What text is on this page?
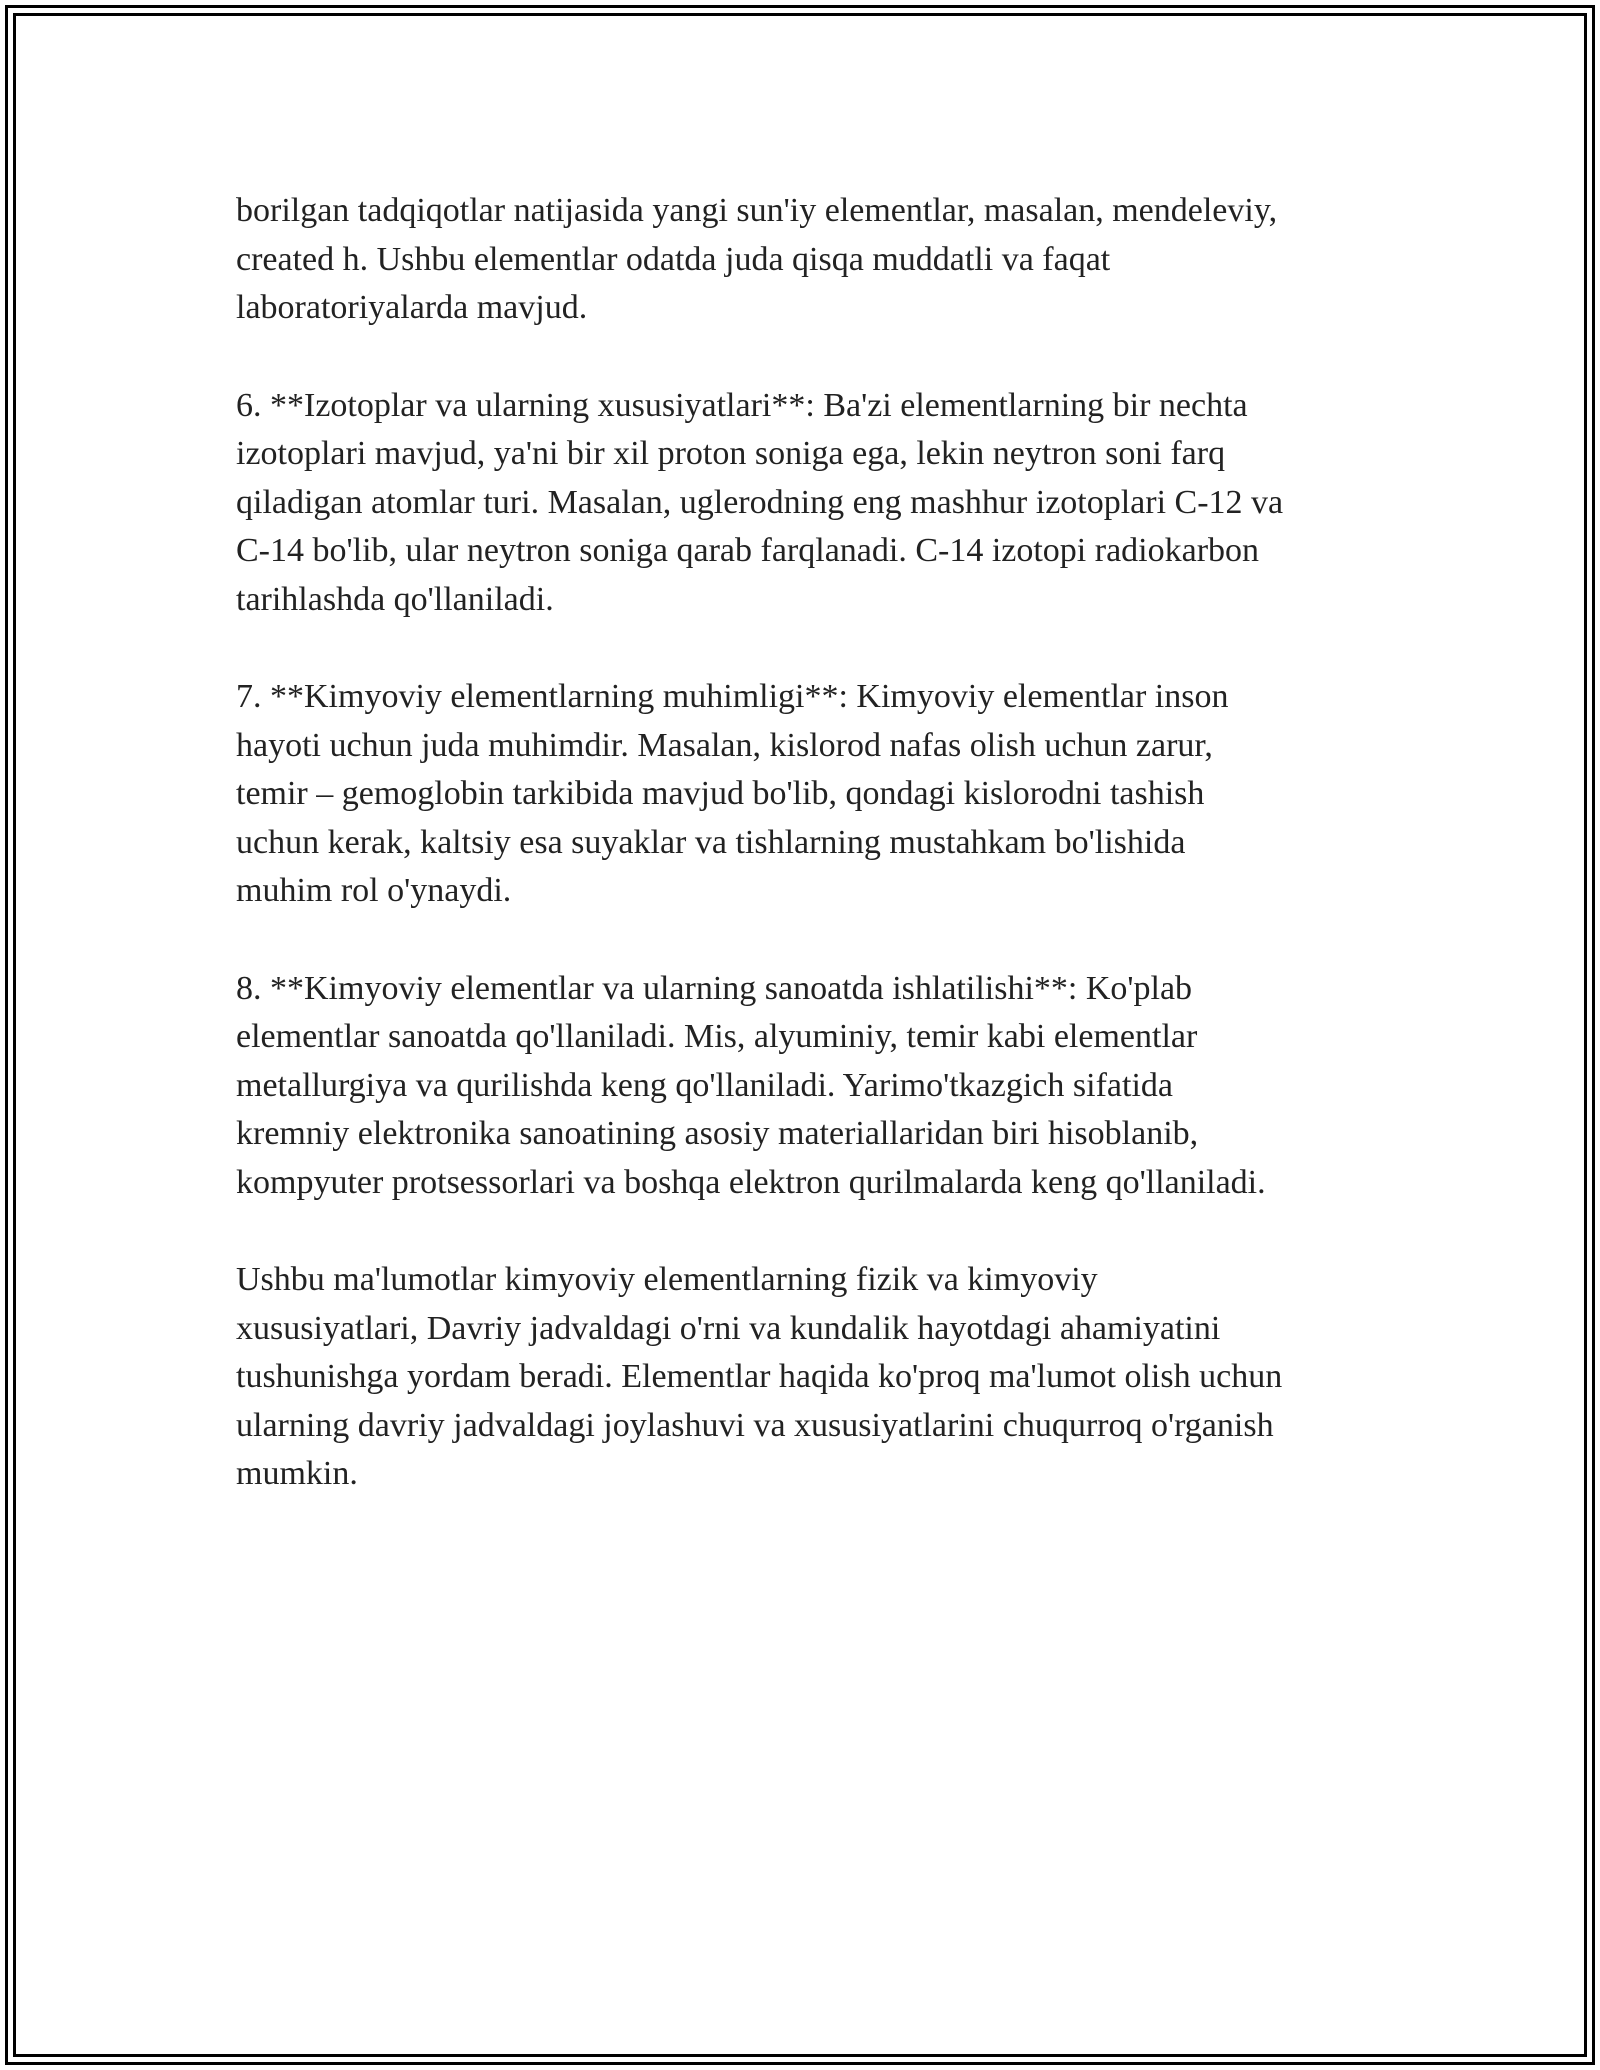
borilgan tadqiqotlar natijasida yangi sun'iy elementlar, masalan, mendeleviy,
created h. Ushbu elementlar odatda juda qisqa muddatli va faqat
laboratoriyalarda mavjud.

6. **Izotoplar va ularning xususiyatlari**: Ba'zi elementlarning bir nechta
izotoplari mavjud, ya'ni bir xil proton soniga ega, lekin neytron soni farq
qiladigan atomlar turi. Masalan, uglerodning eng mashhur izotoplari C-12 va
C-14 bo'lib, ular neytron soniga qarab farqlanadi. C-14 izotopi radiokarbon
tarihlashda qo'llaniladi.

7. **Kimyoviy elementlarning muhimligi**: Kimyoviy elementlar inson
hayoti uchun juda muhimdir. Masalan, kislorod nafas olish uchun zarur,
temir – gemoglobin tarkibida mavjud bo'lib, qondagi kislorodni tashish
uchun kerak, kaltsiy esa suyaklar va tishlarning mustahkam bo'lishida
muhim rol o'ynaydi.

8. **Kimyoviy elementlar va ularning sanoatda ishlatilishi**: Ko'plab
elementlar sanoatda qo'llaniladi. Mis, alyuminiy, temir kabi elementlar
metallurgiya va qurilishda keng qo'llaniladi. Yarimo'tkazgich sifatida
kremniy elektronika sanoatining asosiy materiallaridan biri hisoblanib,
kompyuter protsessorlari va boshqa elektron qurilmalarda keng qo'llaniladi.

Ushbu ma'lumotlar kimyoviy elementlarning fizik va kimyoviy
xususiyatlari, Davriy jadvaldagi o'rni va kundalik hayotdagi ahamiyatini
tushunishga yordam beradi. Elementlar haqida ko'proq ma'lumot olish uchun
ularning davriy jadvaldagi joylashuvi va xususiyatlarini chuqurroq o'rganish
mumkin.
